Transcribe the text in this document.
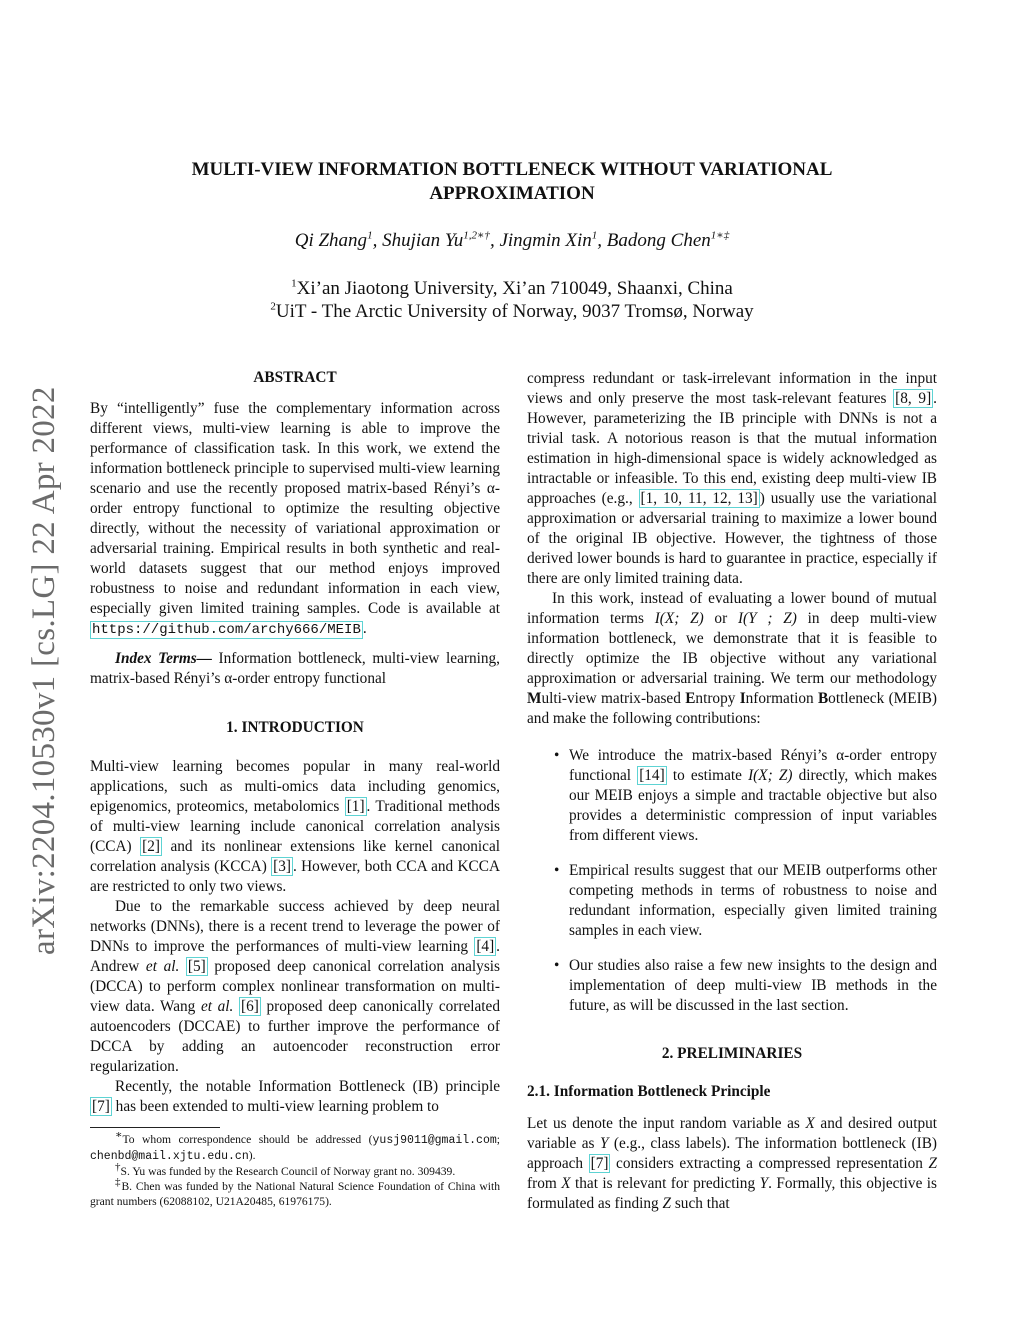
arXiv:2204.10530v1 [cs.LG] 22 Apr 2022
MULTI-VIEW INFORMATION BOTTLENECK WITHOUT VARIATIONAL
APPROXIMATION
Qi Zhang$^1$, Shujian $Yu^{1,2∗\dagger}$, Jingmin Xin$^1$, Badong Chen$^{1∗\ddagger}$
$^1$Xi’an Jiaotong University, Xi’an 710049, Shaanxi, China
$^2$UiT - The Arctic University of Norway, 9037 Tromsø, Norway
ABSTRACT

By “intelligently” fuse the complementary information across different views, multi-view learning is able to improve the performance of classification task. In this work, we extend the information bottleneck principle to supervised multi-view learning scenario and use the recently proposed matrix-based Rényi’s α-order entropy functional to optimize the resulting objective directly, without the necessity of variational approximation or adversarial training. Empirical results in both synthetic and real-world datasets suggest that our method enjoys improved robustness to noise and redundant information in each view, especially given limited training samples. Code is available at https://github.com/archy666/MEIB .

Index Terms— Information bottleneck, multi-view learning, matrix-based Rényi’s α-order entropy functional

1. INTRODUCTION

Multi-view learning becomes popular in many real-world applications, such as multi-omics data including genomics, epigenomics, proteomics, metabolomics [1] . Traditional methods of multi-view learning include canonical correlation analysis (CCA) [2] and its nonlinear extensions like kernel canonical correlation analysis (KCCA) [3] . However, both CCA and KCCA are restricted to only two views.

Due to the remarkable success achieved by deep neural networks (DNNs), there is a recent trend to leverage the power of DNNs to improve the performances of multi-view learning [4] . Andrew et al. [5] proposed deep canonical correlation analysis (DCCA) to perform complex nonlinear transformation on multi-view data. Wang et al. [6] proposed deep canonically correlated autoencoders (DCCAE) to further improve the performance of DCCA by adding an autoencoder reconstruction error regularization.

Recently, the notable Information Bottleneck (IB) principle [7] has been extended to multi-view learning problem to

∗To whom correspondence should be addressed (yusj9011@gmail.com; chenbd@mail.xjtu.edu.cn).

†S. Yu was funded by the Research Council of Norway grant no. 309439.

‡B. Chen was funded by the National Natural Science Foundation of China with grant numbers (62088102, U21A20485, 61976175).

compress redundant or task-irrelevant information in the input views and only preserve the most task-relevant features [8, 9] . However, parameterizing the IB principle with DNNs is not a trivial task. A notorious reason is that the mutual information estimation in high-dimensional space is widely acknowledged as intractable or infeasible. To this end, existing deep multi-view IB approaches (e.g., [1, 10, 11, 12, 13] ) usually use the variational approximation or adversarial training to maximize a lower bound of the original IB objective. However, the tightness of those derived lower bounds is hard to guarantee in practice, especially if there are only limited training data.

In this work, instead of evaluating a lower bound of mutual information terms I(X; Z) or I(Y ; Z) in deep multi-view information bottleneck, we demonstrate that it is feasible to directly optimize the IB objective without any variational approximation or adversarial training. We term our methodology Multi-view matrix-based Entropy Information Bottleneck (MEIB) and make the following contributions:

• We introduce the matrix-based Rényi’s α-order entropy functional [14] to estimate I(X; Z) directly, which makes our MEIB enjoys a simple and tractable objective but also provides a deterministic compression of input variables from different views.
• Empirical results suggest that our MEIB outperforms other competing methods in terms of robustness to noise and redundant information, especially given limited training samples in each view.
• Our studies also raise a few new insights to the design and implementation of deep multi-view IB methods in the future, as will be discussed in the last section.
2. PRELIMINARIES
2.1. Information Bottleneck Principle

Let us denote the input random variable as X and desired output variable as Y (e.g., class labels). The information bottleneck (IB) approach [7] considers extracting a compressed representation Z from X that is relevant for predicting Y. Formally, this objective is formulated as finding Z such that
